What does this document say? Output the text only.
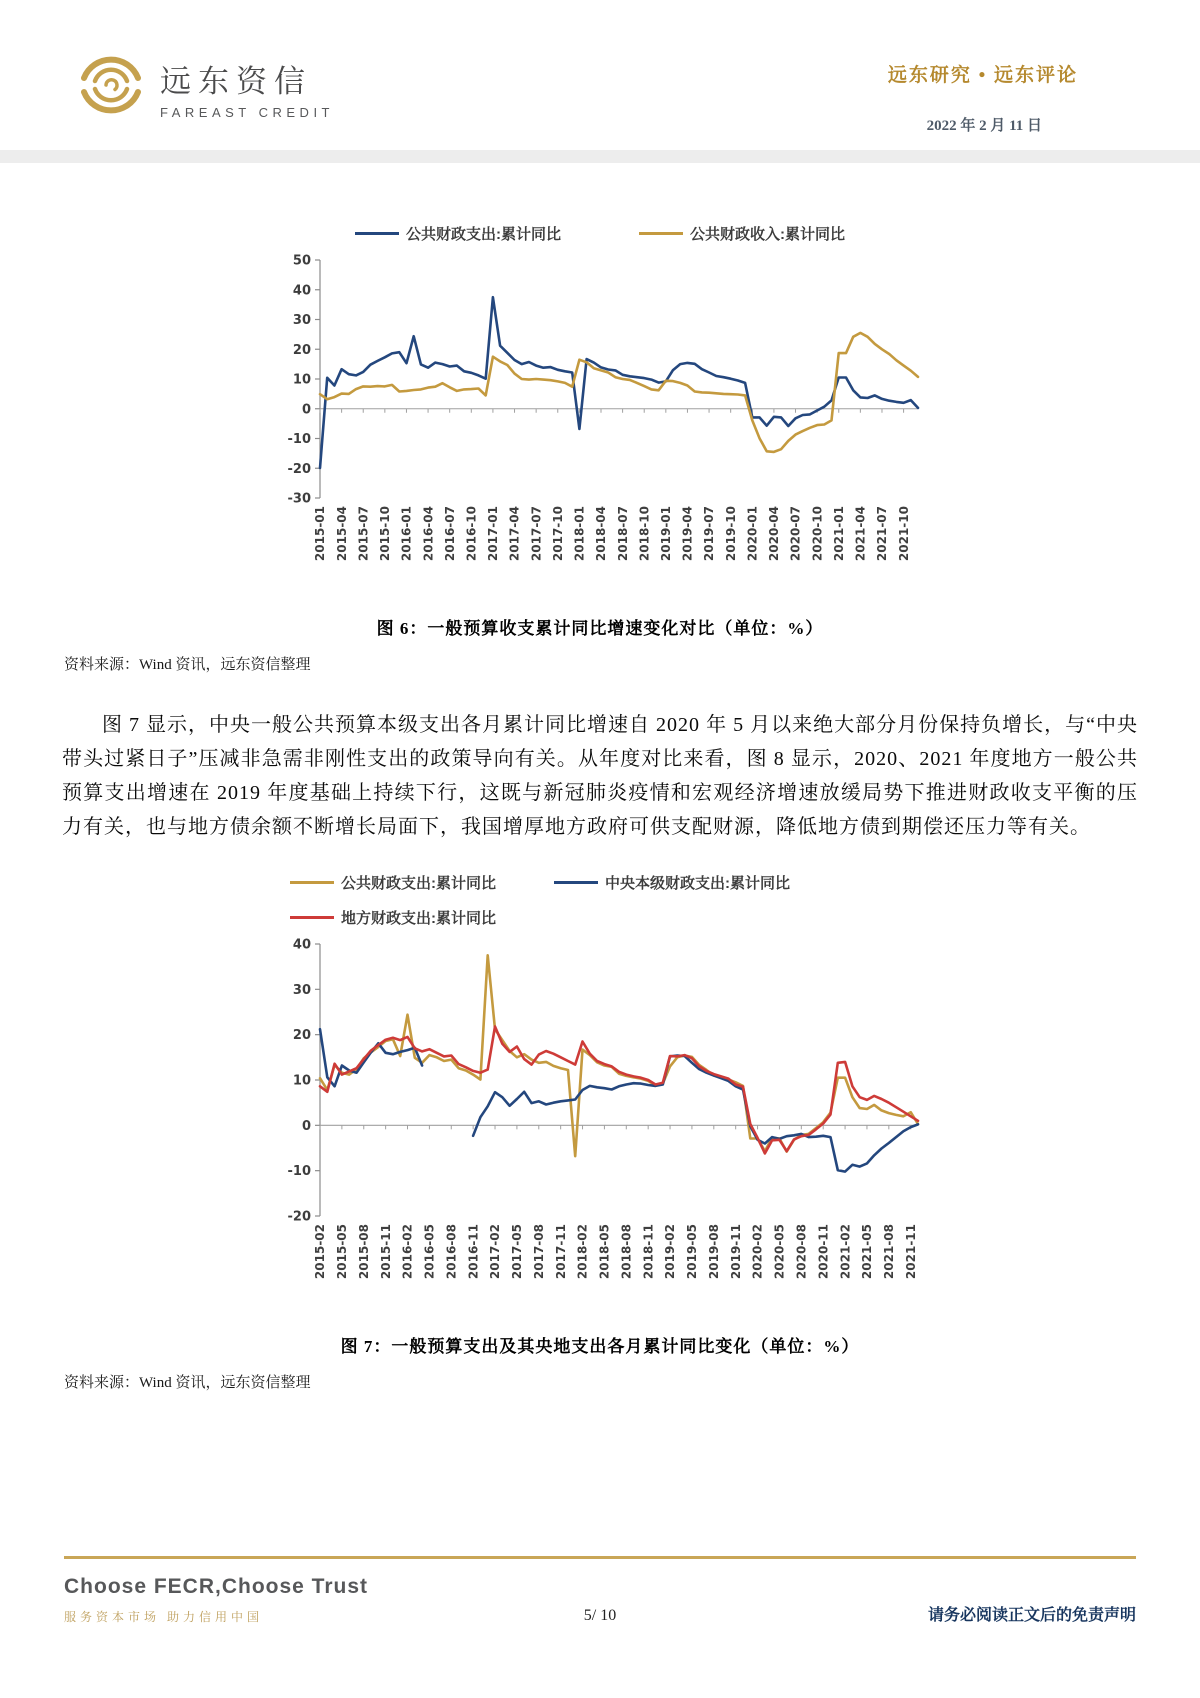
远东资信
FAREAST CREDIT
远东研究 • 远东评论
2022 年 2 月 11 日
公共财政支出:累计同比	公共财政收入:累计同比
50
40
30
20
10
0
-10
-20
-30
2015-01 2015-04 2015-07 2015-10 2016-01 2016-04 2016-07 2016-10 2017-01 2017-04 2017-07 2017-10 2018-01 2018-04 2018-07 2018-10 2019-01 2019-04 2019-07 2019-10 2020-01 2020-04 2020-07 2020-10 2021-01 2021-04 2021-07 2021-10
图 6：一般预算收支累计同比增速变化对比（单位：%）
资料来源：Wind 资讯，远东资信整理

图 7 显示，中央一般公共预算本级支出各月累计同比增速自 2020 年 5 月以来绝大部分月份保持负增长，与“中央带头过紧日子”压减非急需非刚性支出的政策导向有关。从年度对比来看，图 8 显示，2020、2021 年度地方一般公共预算支出增速在 2019 年度基础上持续下行，这既与新冠肺炎疫情和宏观经济增速放缓局势下推进财政收支平衡的压力有关，也与地方债余额不断增长局面下，我国增厚地方政府可供支配财源，降低地方债到期偿还压力等有关。

公共财政支出:累计同比	中央本级财政支出:累计同比
地方财政支出:累计同比
40
30
20
10
0
-10
-20
2015-02 2015-05 2015-08 2015-11 2016-02 2016-05 2016-08 2016-11 2017-02 2017-05 2017-08 2017-11 2018-02 2018-05 2018-08 2018-11 2019-02 2019-05 2019-08 2019-11 2020-02 2020-05 2020-08 2020-11 2021-02 2021-05 2021-08 2021-11
图 7：一般预算支出及其央地支出各月累计同比变化（单位：%）
资料来源：Wind 资讯，远东资信整理
Choose FECR,Choose Trust
服务资本市场 助力信用中国	5/ 10	请务必阅读正文后的免责声明
